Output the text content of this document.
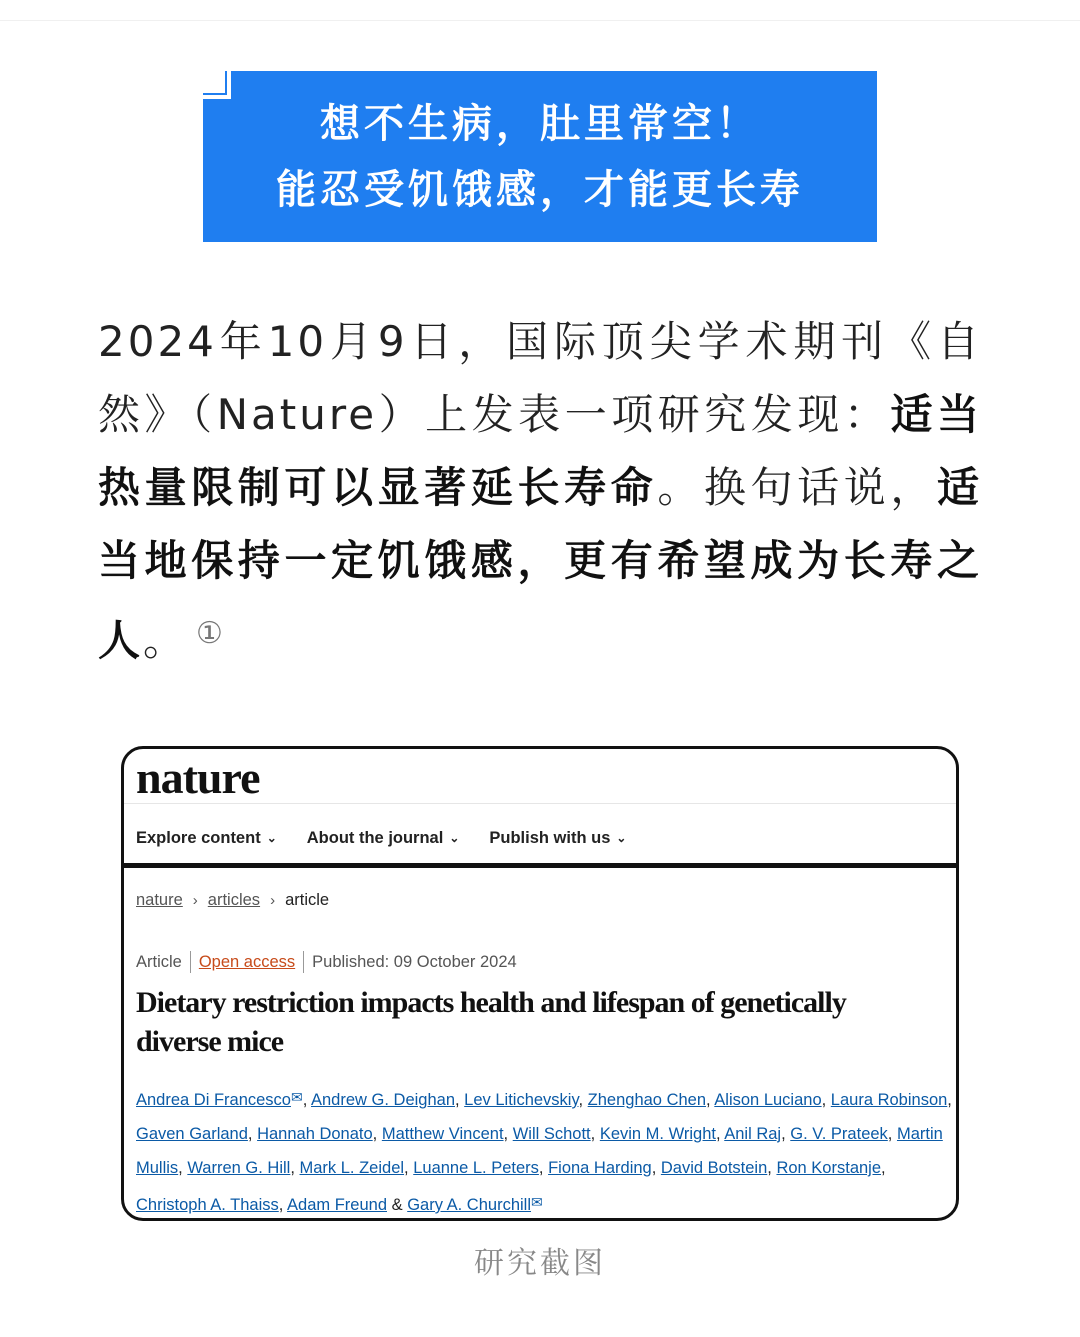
想不生病，肚里常空！
能忍受饥饿感，才能更长寿
2024年10月9日，国际顶尖学术期刊《自然》（Nature）上发表一项研究发现：适当热量限制可以显著延长寿命。换句话说，适当地保持一定饥饿感，更有希望成为长寿之人。 ①
nature
Explore content ⌄ About the journal ⌄ Publish with us ⌄
nature › articles › article
Article Open access Published: 09 October 2024
Dietary restriction impacts health and lifespan of genetically diverse mice
Andrea Di Francesco✉, Andrew G. Deighan, Lev Litichevskiy, Zhenghao Chen, Alison Luciano, Laura Robinson, Gaven Garland, Hannah Donato, Matthew Vincent, Will Schott, Kevin M. Wright, Anil Raj, G. V. Prateek, Martin Mullis, Warren G. Hill, Mark L. Zeidel, Luanne L. Peters, Fiona Harding, David Botstein, Ron Korstanje, Christoph A. Thaiss, Adam Freund & Gary A. Churchill✉
研究截图
